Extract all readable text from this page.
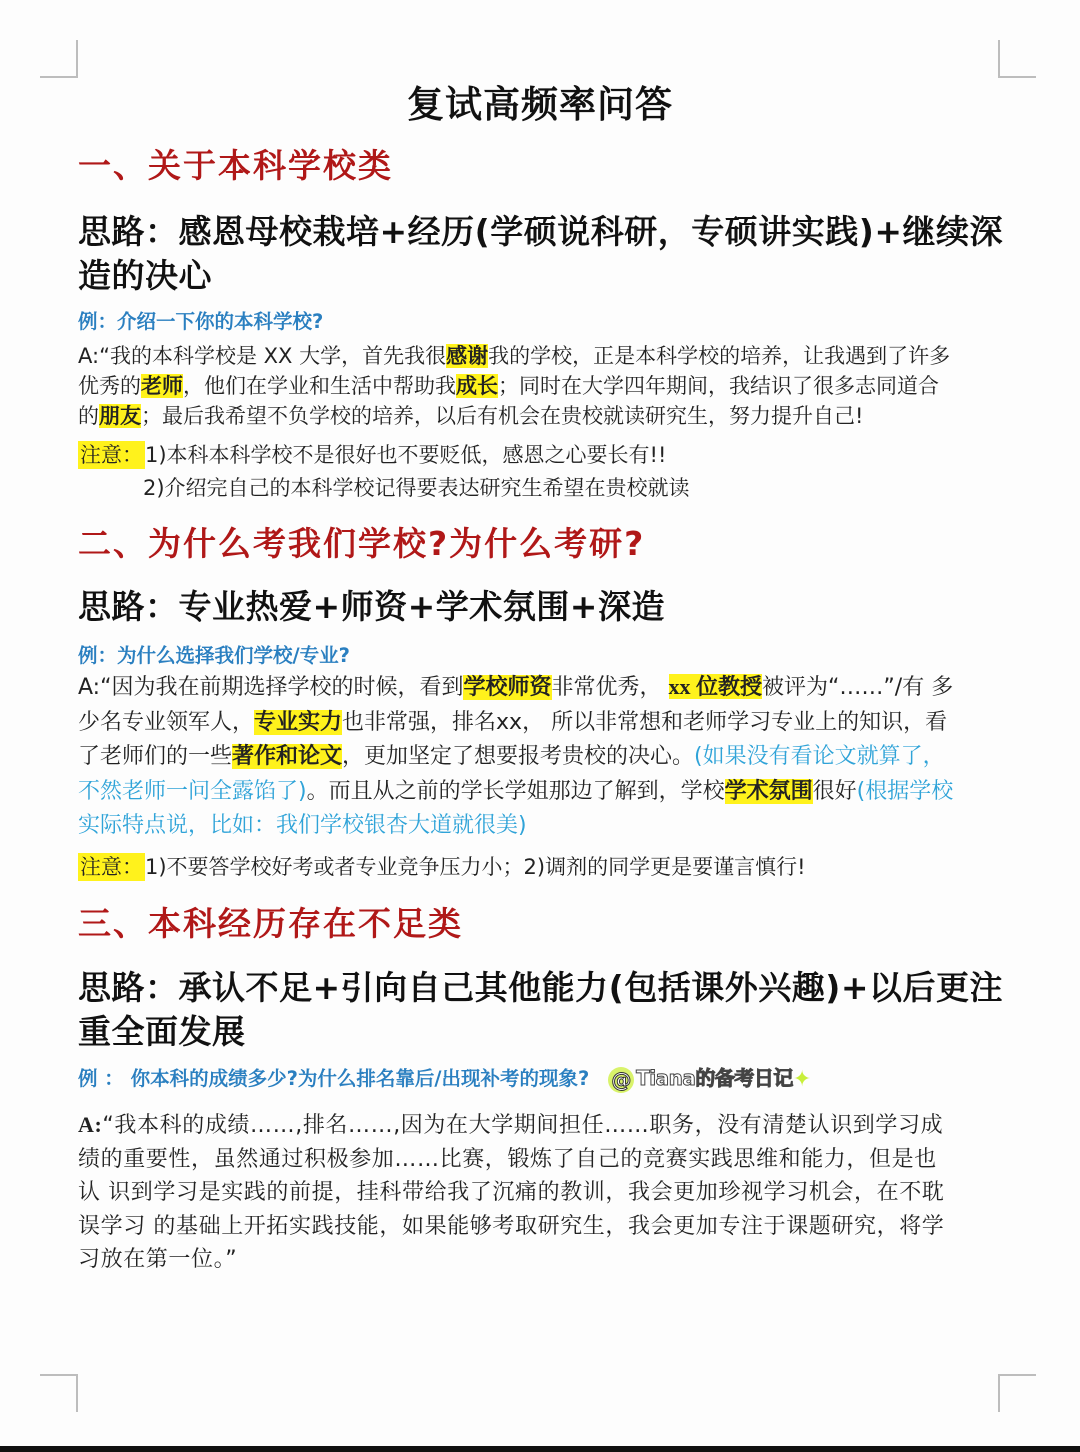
复试高频率问答
一、关于本科学校类
思路：感恩母校栽培+经历(学硕说科研，专硕讲实践)+继续深造的决心
例：介绍一下你的本科学校?
A:“我的本科学校是 XX 大学，首先我很感谢我的学校，正是本科学校的培养，让我遇到了许多优秀的老师，他们在学业和生活中帮助我成长；同时在大学四年期间，我结识了很多志同道合的朋友；最后我希望不负学校的培养，以后有机会在贵校就读研究生，努力提升自己!
注意：1)本科本科学校不是很好也不要贬低，感恩之心要长有!!
2)介绍完自己的本科学校记得要表达研究生希望在贵校就读
二、为什么考我们学校?为什么考研?
思路：专业热爱+师资+学术氛围+深造
例：为什么选择我们学校/专业?
A:“因为我在前期选择学校的时候，看到学校师资非常优秀， xx 位教授被评为“……”/有 多少名专业领军人，专业实力也非常强，排名xx， 所以非常想和老师学习专业上的知识，看了老师们的一些著作和论文，更加坚定了想要报考贵校的决心。(如果没有看论文就算了， 不然老师一问全露馅了)。而且从之前的学长学姐那边了解到，学校学术氛围很好(根据学校实际特点说，比如：我们学校银杏大道就很美)
注意：1)不要答学校好考或者专业竞争压力小；2)调剂的同学更是要谨言慎行!
三、本科经历存在不足类
思路：承认不足+引向自己其他能力(包括课外兴趣)+以后更注重全面发展
例 ： 你本科的成绩多少?为什么排名靠后/出现补考的现象? @ Tiana的备考日记✦
A:“我本科的成绩……,排名……,因为在大学期间担任……职务，没有清楚认识到学习成绩的重要性，虽然通过积极参加……比赛，锻炼了自己的竞赛实践思维和能力，但是也认 识到学习是实践的前提，挂科带给我了沉痛的教训，我会更加珍视学习机会，在不耽误学习 的基础上开拓实践技能，如果能够考取研究生，我会更加专注于课题研究，将学习放在第一位。”
